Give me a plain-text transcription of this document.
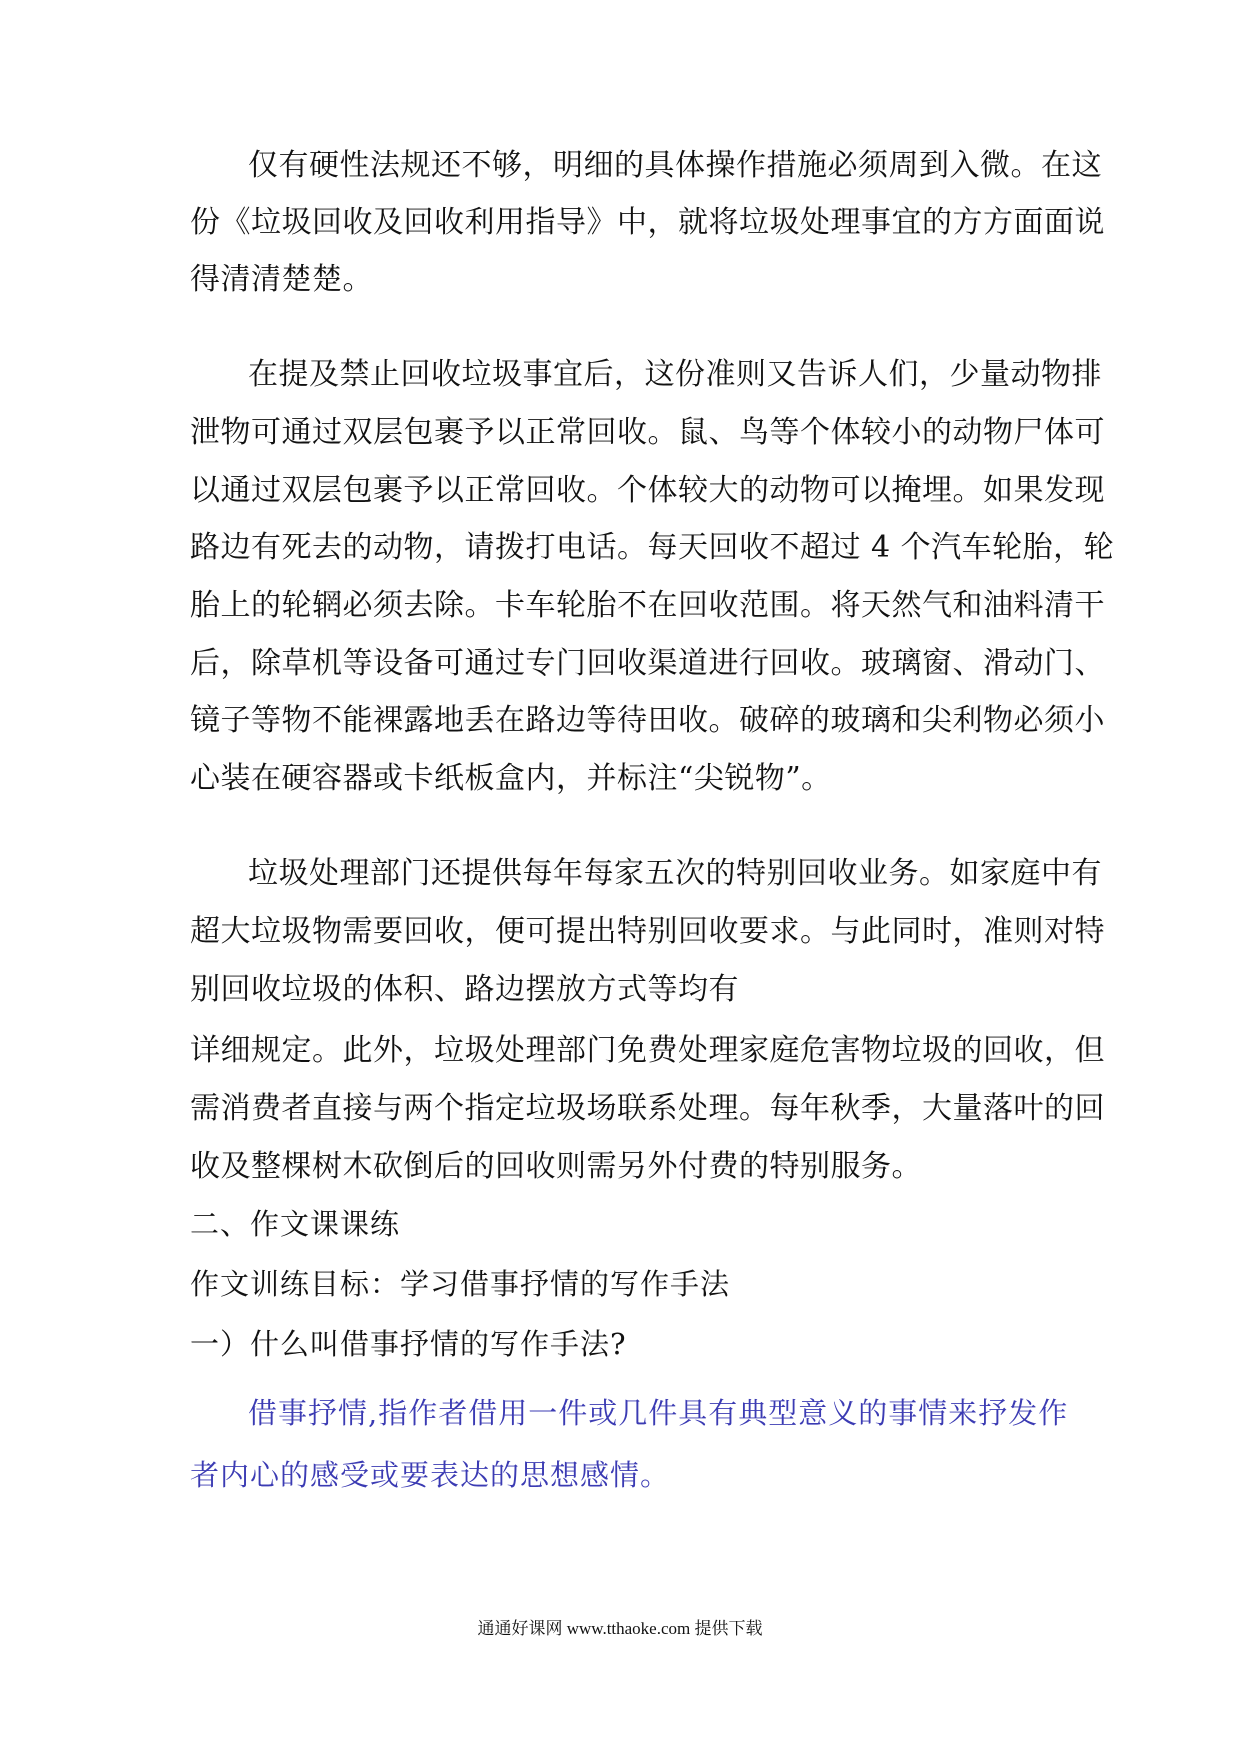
仅有硬性法规还不够，明细的具体操作措施必须周到入微。在这
份《垃圾回收及回收利用指导》中，就将垃圾处理事宜的方方面面说
得清清楚楚。
在提及禁止回收垃圾事宜后，这份准则又告诉人们，少量动物排
泄物可通过双层包裹予以正常回收。鼠、鸟等个体较小的动物尸体可
以通过双层包裹予以正常回收。个体较大的动物可以掩埋。如果发现
路边有死去的动物，请拨打电话。每天回收不超过 4 个汽车轮胎，轮
胎上的轮辋必须去除。卡车轮胎不在回收范围。将天然气和油料清干
后，除草机等设备可通过专门回收渠道进行回收。玻璃窗、滑动门、
镜子等物不能裸露地丢在路边等待田收。破碎的玻璃和尖利物必须小
心装在硬容器或卡纸板盒内，并标注“尖锐物”。
垃圾处理部门还提供每年每家五次的特别回收业务。如家庭中有
超大垃圾物需要回收，便可提出特别回收要求。与此同时，准则对特
别回收垃圾的体积、路边摆放方式等均有
详细规定。此外，垃圾处理部门免费处理家庭危害物垃圾的回收，但
需消费者直接与两个指定垃圾场联系处理。每年秋季，大量落叶的回
收及整棵树木砍倒后的回收则需另外付费的特别服务。
二、作文课课练
作文训练目标：学习借事抒情的写作手法
一）什么叫借事抒情的写作手法?
借事抒情,指作者借用一件或几件具有典型意义的事情来抒发作
者内心的感受或要表达的思想感情。
通通好课网 www.tthaoke.com 提供下载
